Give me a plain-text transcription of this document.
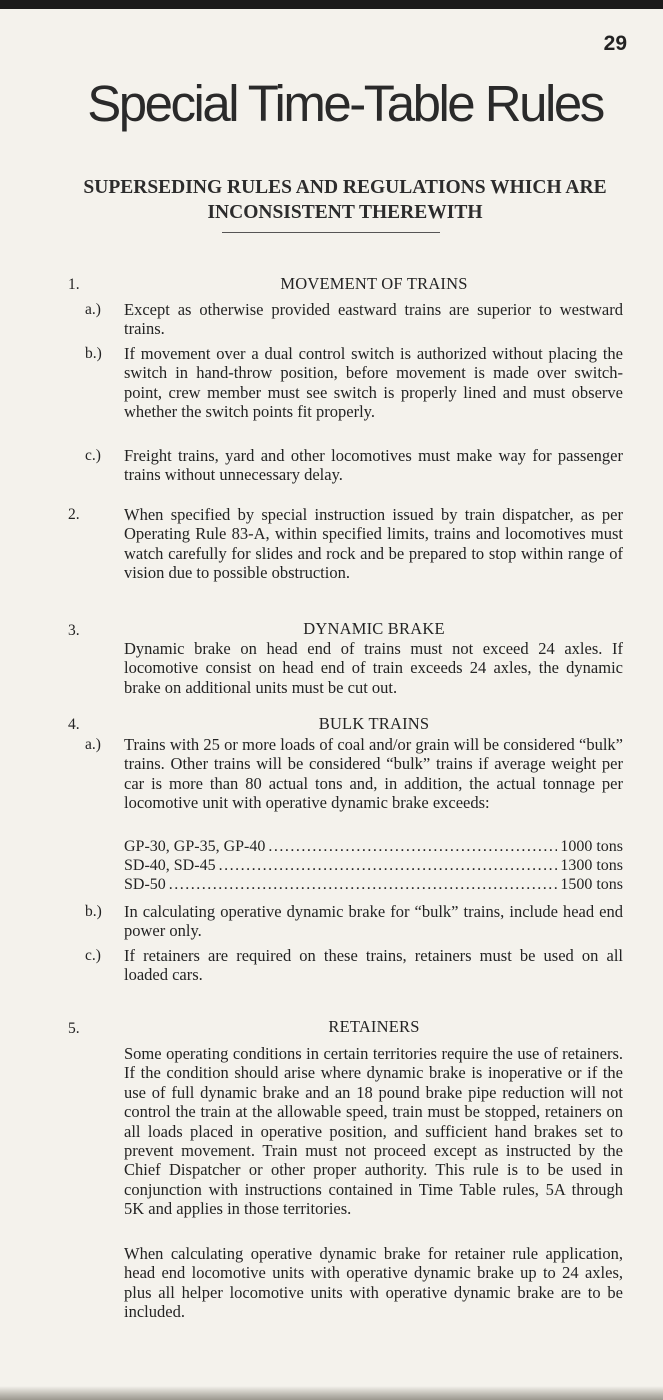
29
Special Time-Table Rules
SUPERSEDING RULES AND REGULATIONS WHICH ARE INCONSISTENT THEREWITH
1.	MOVEMENT OF TRAINS
a.) Except as otherwise provided eastward trains are superior to westward trains.
b.) If movement over a dual control switch is authorized without placing the switch in hand-throw position, before movement is made over switch-point, crew member must see switch is properly lined and must observe whether the switch points fit properly.
c.) Freight trains, yard and other locomotives must make way for passenger trains without unnecessary delay.
2.	When specified by special instruction issued by train dispatcher, as per Operating Rule 83-A, within specified limits, trains and locomotives must watch carefully for slides and rock and be prepared to stop within range of vision due to possible obstruction.
3.	DYNAMIC BRAKE
Dynamic brake on head end of trains must not exceed 24 axles. If locomotive consist on head end of train exceeds 24 axles, the dynamic brake on additional units must be cut out.
4.	BULK TRAINS
a.) Trains with 25 or more loads of coal and/or grain will be considered “bulk” trains. Other trains will be considered “bulk” trains if average weight per car is more than 80 actual tons and, in addition, the actual tonnage per locomotive unit with operative dynamic brake exceeds:
GP-30, GP-35, GP-40 .....	1000 tons
SD-40, SD-45 .....	1300 tons
SD-50 .....	1500 tons
b.) In calculating operative dynamic brake for “bulk” trains, include head end power only.
c.) If retainers are required on these trains, retainers must be used on all loaded cars.
5.	RETAINERS
Some operating conditions in certain territories require the use of retainers. If the condition should arise where dynamic brake is inoperative or if the use of full dynamic brake and an 18 pound brake pipe reduction will not control the train at the allowable speed, train must be stopped, retainers on all loads placed in operative position, and sufficient hand brakes set to prevent movement. Train must not proceed except as instructed by the Chief Dispatcher or other proper authority. This rule is to be used in conjunction with instructions contained in Time Table rules, 5A through 5K and applies in those territories.
When calculating operative dynamic brake for retainer rule application, head end locomotive units with operative dynamic brake up to 24 axles, plus all helper locomotive units with operative dynamic brake are to be included.
